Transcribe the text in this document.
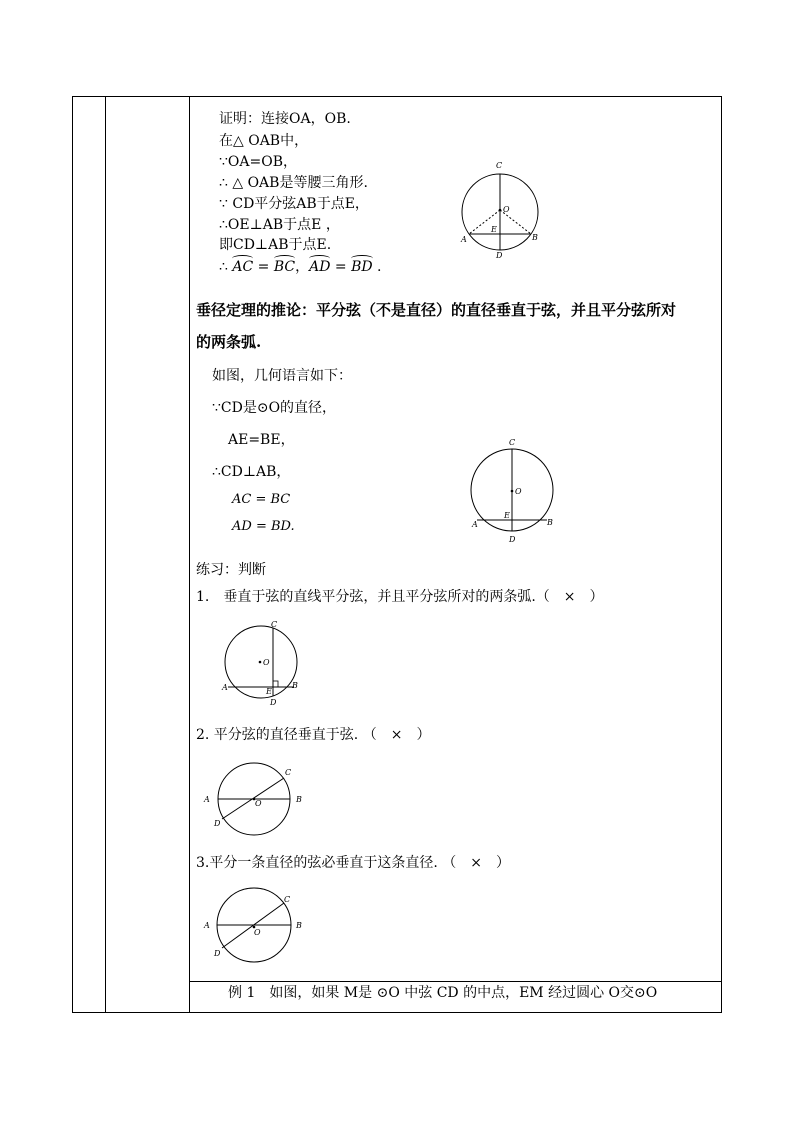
证明：连接OA，OB.
在△ OAB中，
∵OA=OB，
∴ △ OAB是等腰三角形.
∵ CD平分弦AB于点E，
∴OE⊥AB于点E ，
即CD⊥AB于点E.
∴ AC = BC，AD = BD .
C
O
E
A	B
D
垂径定理的推论：平分弦（不是直径）的直径垂直于弦，并且平分弦所对
的两条弧.
如图，几何语言如下：
∵CD是⊙O的直径，
AE=BE，
∴CD⊥AB，
AC = BC
AD = BD.
C
O
E
A	B
D
练习：判断
1.　垂直于弦的直线平分弦，并且平分弦所对的两条弧.（　×　）
C
O
E
A	B
D
2. 平分弦的直径垂直于弦. （　×　）
C
O
A	B
D
3.平分一条直径的弦必垂直于这条直径. （　×　）
C
O
A	B
D
例 1　如图，如果 M是 ⊙O 中弦 CD 的中点，EM 经过圆心 O交⊙O
